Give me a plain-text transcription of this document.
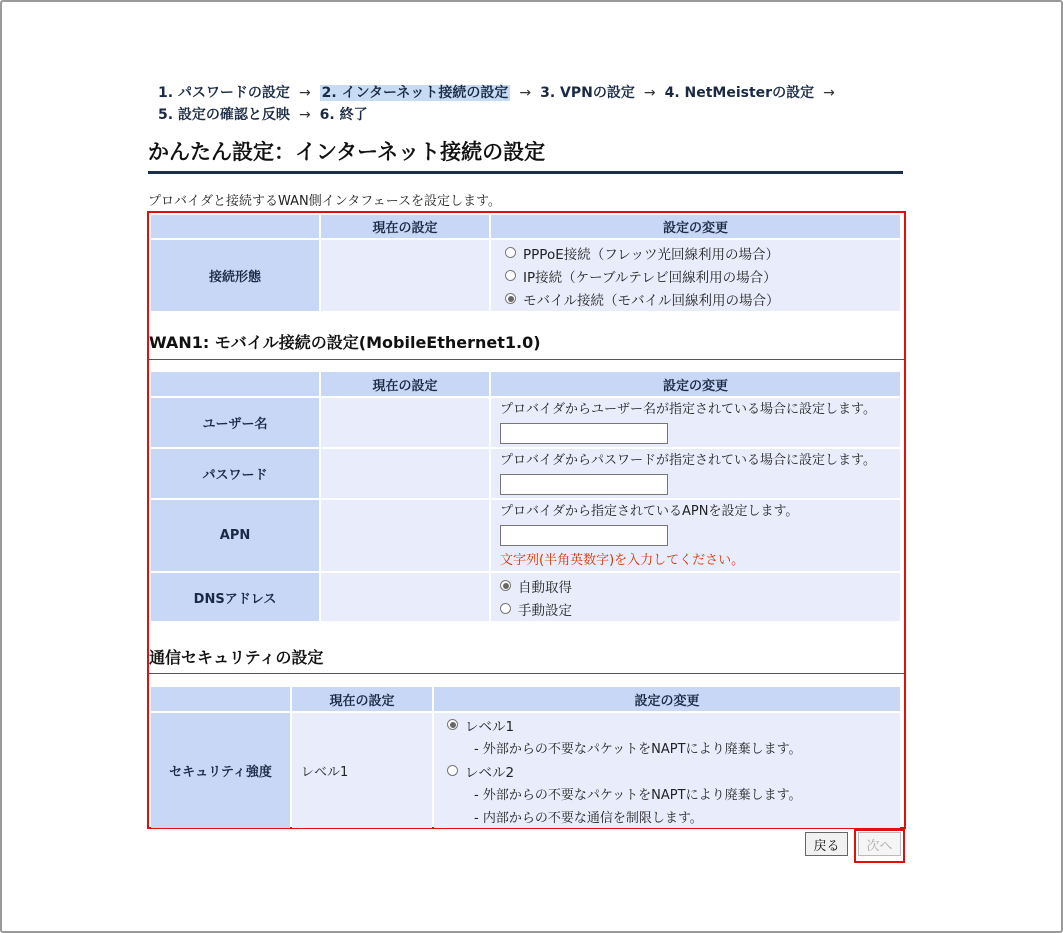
1. パスワードの設定 → 2. インターネット接続の設定 → 3. VPNの設定 → 4. NetMeisterの設定 →
5. 設定の確認と反映 → 6. 終了
かんたん設定：インターネット接続の設定
プロバイダと接続するWAN側インタフェースを設定します。
	現在の設定	設定の変更
接続形態		PPPoE接続（フレッツ光回線利用の場合）
IP接続（ケーブルテレビ回線利用の場合）
モバイル接続（モバイル回線利用の場合）
WAN1: モバイル接続の設定(MobileEthernet1.0)
	現在の設定	設定の変更
ユーザー名		プロバイダからユーザー名が指定されている場合に設定します。

パスワード		プロバイダからパスワードが指定されている場合に設定します。

APN		プロバイダから指定されているAPNを設定します。
文字列(半角英数字)を入力してください。

DNSアドレス		自動取得
手動設定
通信セキュリティの設定
	現在の設定	設定の変更
セキュリティ強度	レベル1	レベル1
- 外部からの不要なパケットをNAPTにより廃棄します。
レベル2
- 外部からの不要なパケットをNAPTにより廃棄します。
- 内部からの不要な通信を制限します。
戻る	次へ
